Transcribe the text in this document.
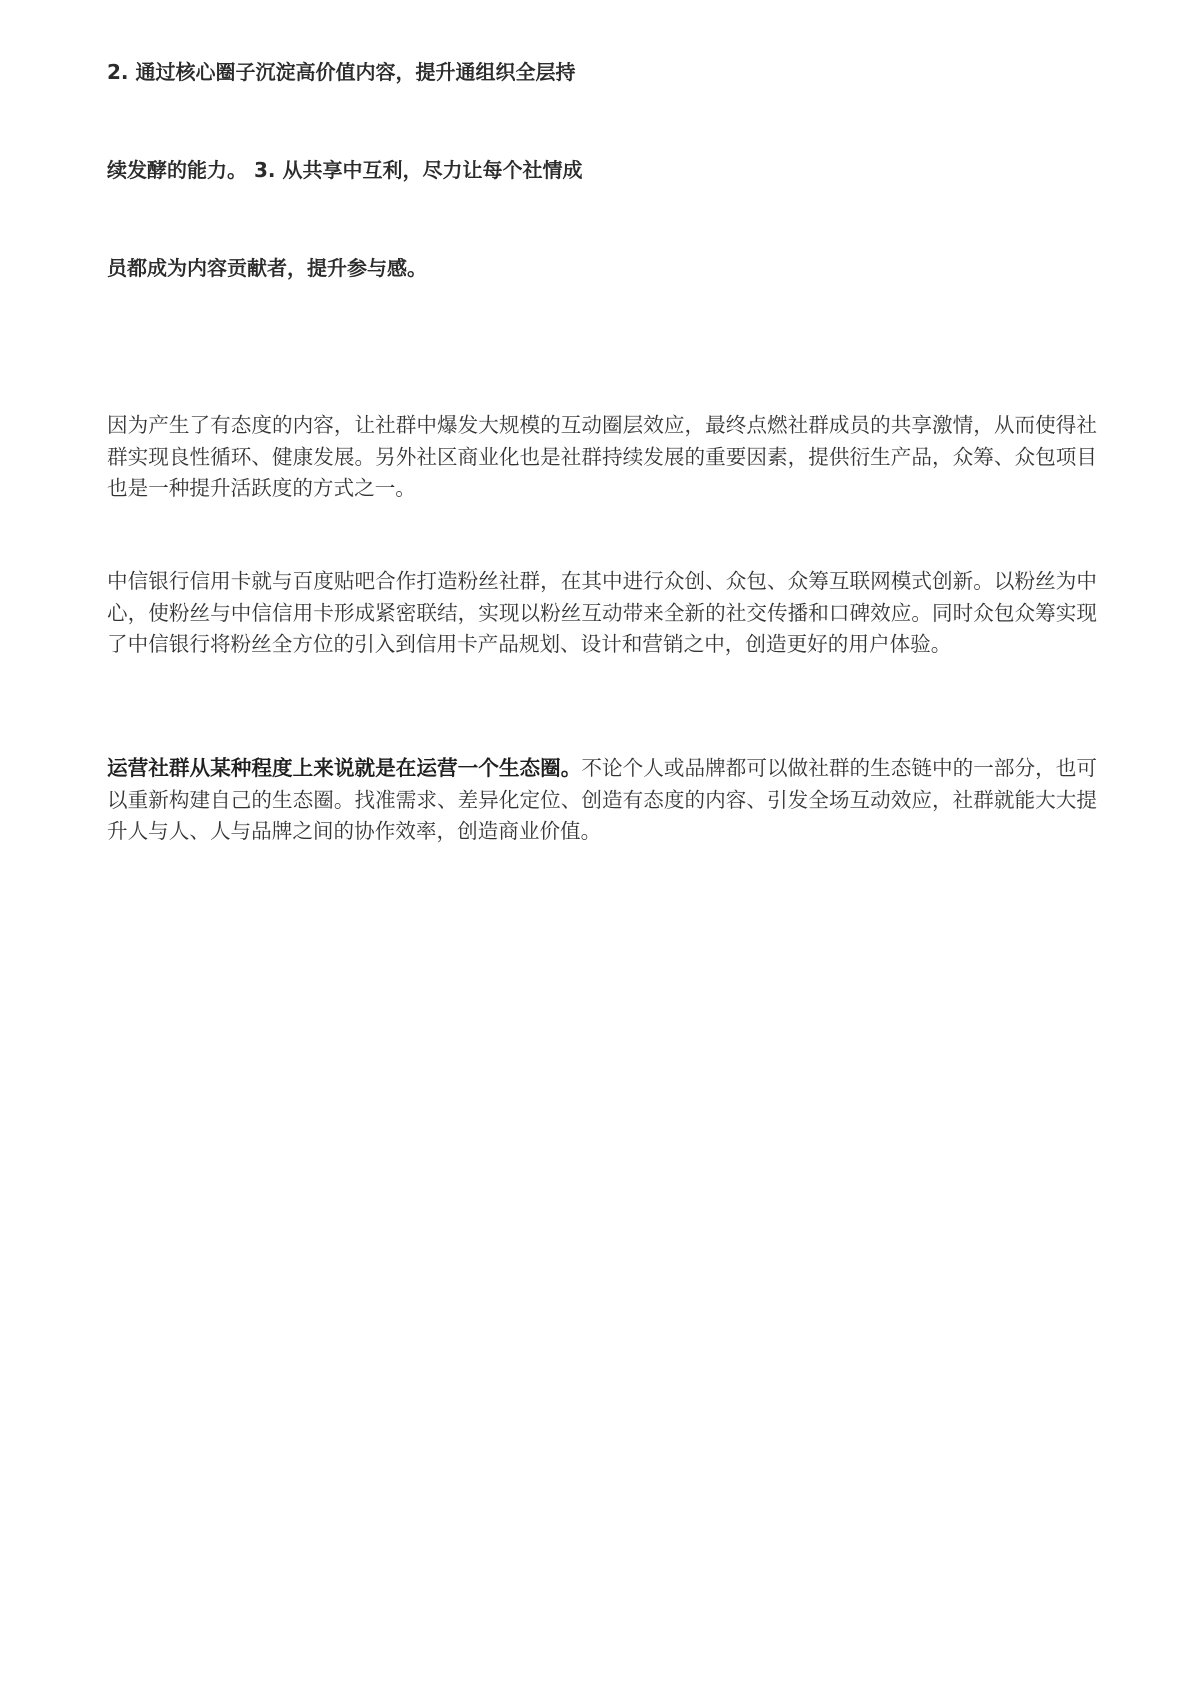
2. 通过核心圈子沉淀高价值内容，提升通组织全层持

续发酵的能力。 3. 从共享中互利，尽力让每个社情成

员都成为内容贡献者，提升参与感。

因为产生了有态度的内容，让社群中爆发大规模的互动圈层效应，最终点燃社群成员的共享激情，从而使得社群实现良性循环、健康发展。另外社区商业化也是社群持续发展的重要因素，提供衍生产品，众筹、众包项目也是一种提升活跃度的方式之一。

中信银行信用卡就与百度贴吧合作打造粉丝社群，在其中进行众创、众包、众筹互联网模式创新。以粉丝为中心，使粉丝与中信信用卡形成紧密联结，实现以粉丝互动带来全新的社交传播和口碑效应。同时众包众筹实现了中信银行将粉丝全方位的引入到信用卡产品规划、设计和营销之中，创造更好的用户体验。

运营社群从某种程度上来说就是在运营一个生态圈。不论个人或品牌都可以做社群的生态链中的一部分，也可以重新构建自己的生态圈。找准需求、差异化定位、创造有态度的内容、引发全场互动效应，社群就能大大提升人与人、人与品牌之间的协作效率，创造商业价值。
